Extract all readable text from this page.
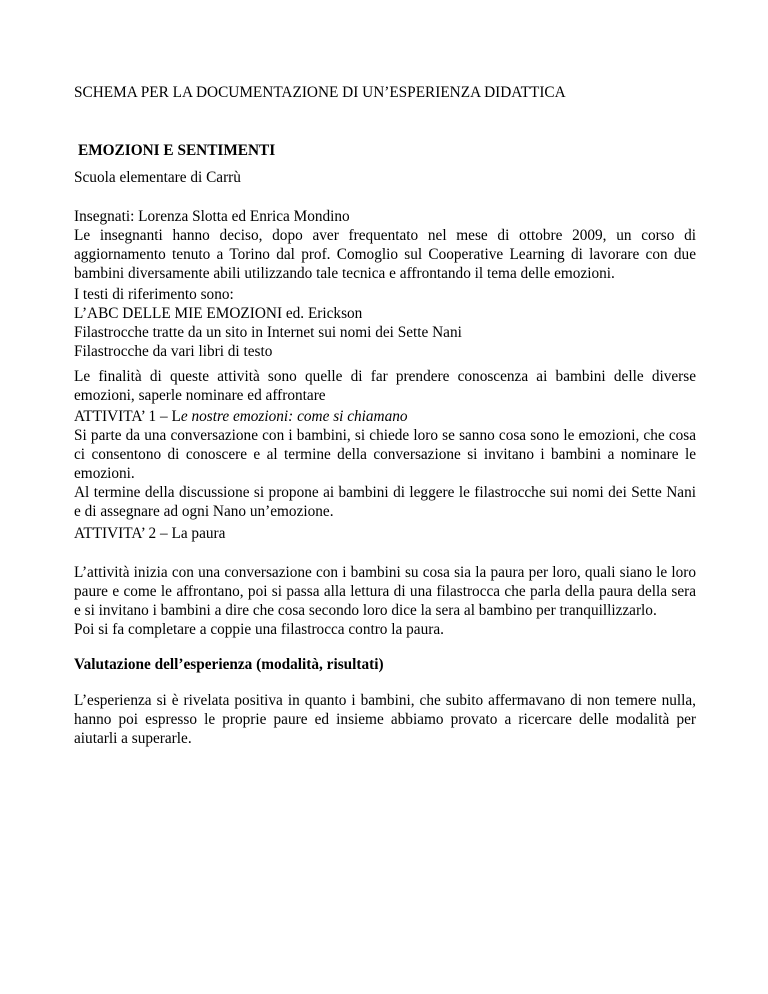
SCHEMA PER LA DOCUMENTAZIONE DI UN’ESPERIENZA DIDATTICA

EMOZIONI E SENTIMENTI

Scuola elementare di Carrù

Insegnati: Lorenza Slotta ed Enrica Mondino
Le insegnanti hanno deciso, dopo aver frequentato nel mese di ottobre 2009, un corso di aggiornamento tenuto a Torino dal prof. Comoglio sul Cooperative Learning di lavorare con due bambini diversamente abili utilizzando tale tecnica e affrontando il tema delle emozioni.
I testi di riferimento sono:
L’ABC DELLE MIE EMOZIONI ed. Erickson
Filastrocche tratte da un sito in Internet sui nomi dei Sette Nani
Filastrocche da vari libri di testo

Le finalità di queste attività sono quelle di far prendere conoscenza ai bambini delle diverse emozioni, saperle nominare ed affrontare

ATTIVITA’ 1 – Le nostre emozioni: come si chiamano
Si parte da una conversazione con i bambini, si chiede loro se sanno cosa sono le emozioni, che cosa ci consentono di conoscere e al termine della conversazione si invitano i bambini a nominare le emozioni.
Al termine della discussione si propone ai bambini di leggere le filastrocche sui nomi dei Sette Nani e di assegnare ad ogni Nano un’emozione.

ATTIVITA’ 2 – La paura

L’attività inizia con una conversazione con i bambini su cosa sia la paura per loro, quali siano le loro paure e come le affrontano, poi si passa alla lettura di una filastrocca che parla della paura della sera e si invitano i bambini a dire che cosa secondo loro dice la sera al bambino per tranquillizzarlo.
Poi si fa completare a coppie una filastrocca contro la paura.

Valutazione dell’esperienza (modalità, risultati)

L’esperienza si è rivelata positiva in quanto i bambini, che subito affermavano di non temere nulla, hanno poi espresso le proprie paure ed insieme abbiamo provato a ricercare delle modalità per aiutarli a superarle.
